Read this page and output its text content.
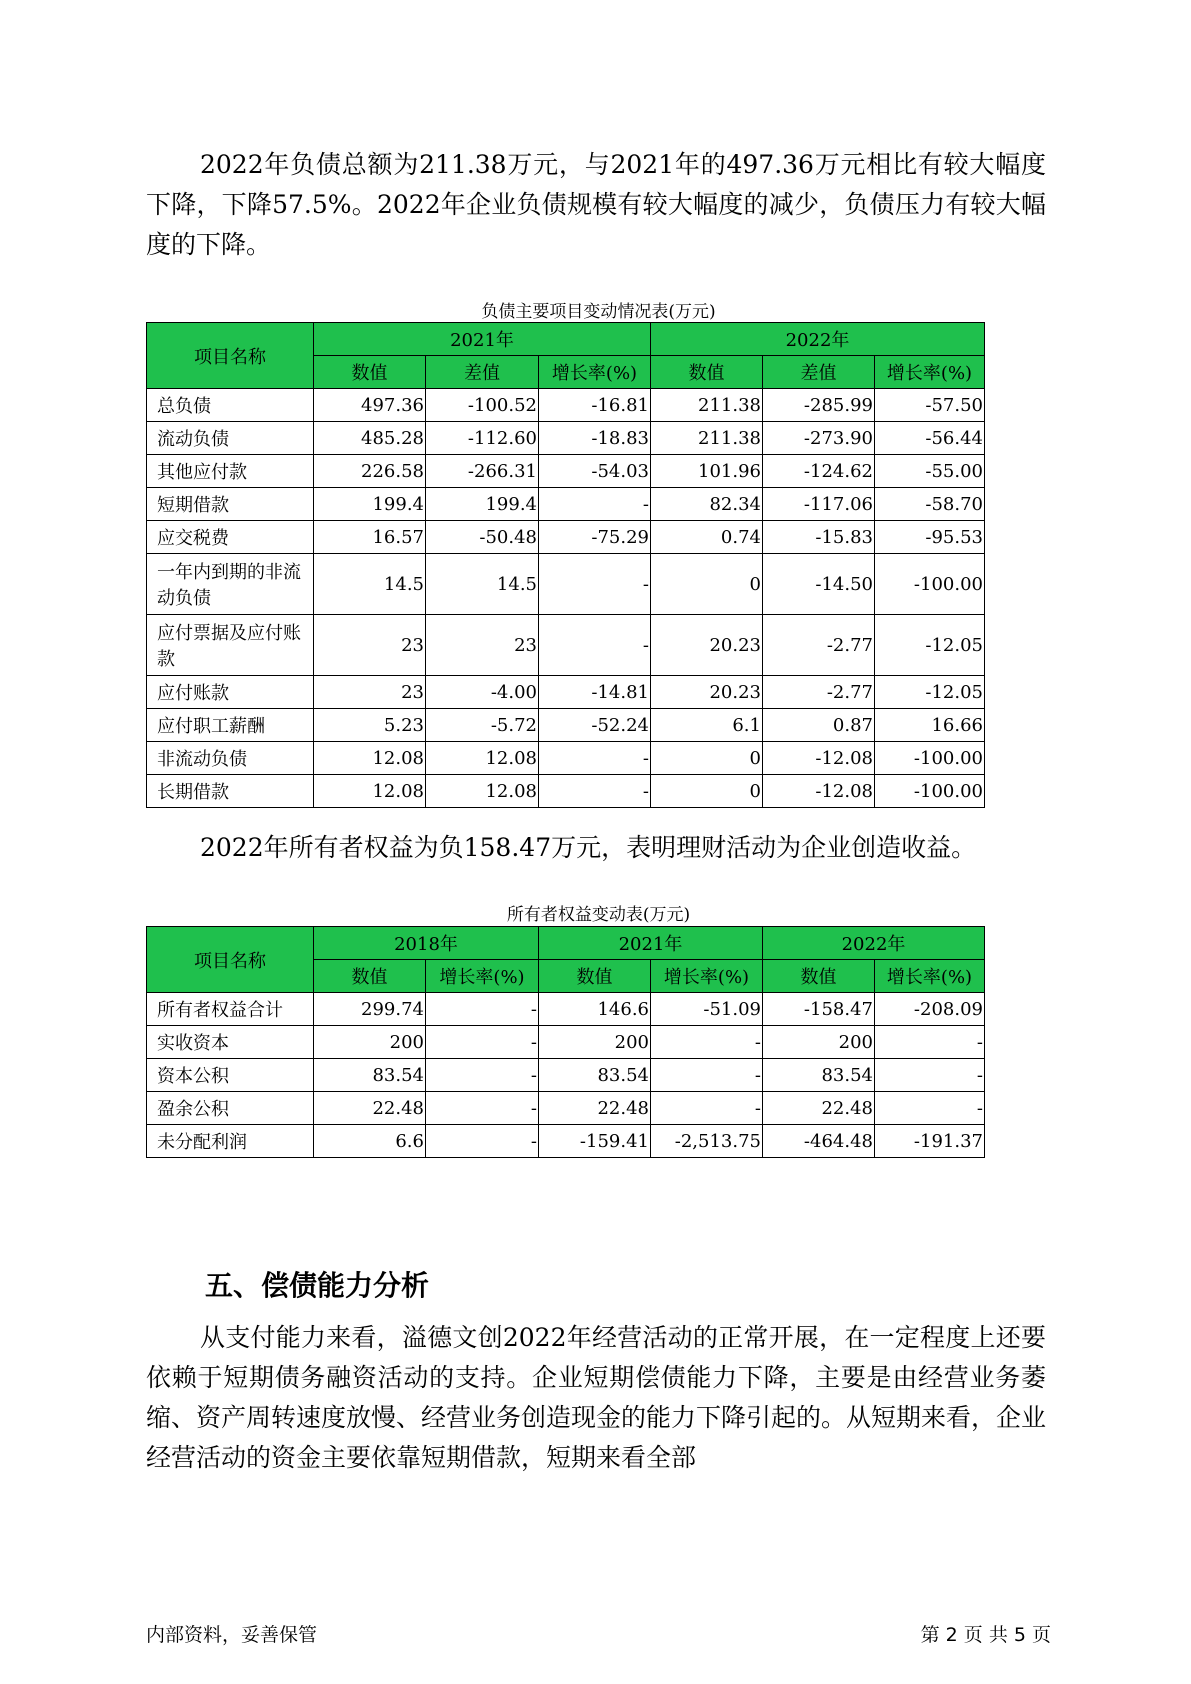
2022年负债总额为211.38万元，与2021年的497.36万元相比有较大幅度下降，下降57.5%。2022年企业负债规模有较大幅度的减少，负债压力有较大幅度的下降。

负债主要项目变动情况表(万元)
项目名称	2021年			2022年		
	数值	差值	增长率(%)	数值	差值	增长率(%)
总负债	497.36	-100.52	-16.81	211.38	-285.99	-57.50
流动负债	485.28	-112.60	-18.83	211.38	-273.90	-56.44
其他应付款	226.58	-266.31	-54.03	101.96	-124.62	-55.00
短期借款	199.4	199.4	-	82.34	-117.06	-58.70
应交税费	16.57	-50.48	-75.29	0.74	-15.83	-95.53
一年内到期的非流动负债	14.5	14.5	-	0	-14.50	-100.00
应付票据及应付账款	23	23	-	20.23	-2.77	-12.05
应付账款	23	-4.00	-14.81	20.23	-2.77	-12.05
应付职工薪酬	5.23	-5.72	-52.24	6.1	0.87	16.66
非流动负债	12.08	12.08	-	0	-12.08	-100.00
长期借款	12.08	12.08	-	0	-12.08	-100.00

2022年所有者权益为负158.47万元，表明理财活动为企业创造收益。

所有者权益变动表(万元)
项目名称	2018年		2021年		2022年	
	数值	增长率(%)	数值	增长率(%)	数值	增长率(%)
所有者权益合计	299.74	-	146.6	-51.09	-158.47	-208.09
实收资本	200	-	200	-	200	-
资本公积	83.54	-	83.54	-	83.54	-
盈余公积	22.48	-	22.48	-	22.48	-
未分配利润	6.6	-	-159.41	-2,513.75	-464.48	-191.37
五、偿债能力分析

从支付能力来看，溢德文创2022年经营活动的正常开展，在一定程度上还要依赖于短期债务融资活动的支持。企业短期偿债能力下降，主要是由经营业务萎缩、资产周转速度放慢、经营业务创造现金的能力下降引起的。从短期来看，企业经营活动的资金主要依靠短期借款，短期来看全部

内部资料，妥善保管	第 2 页 共 5 页
